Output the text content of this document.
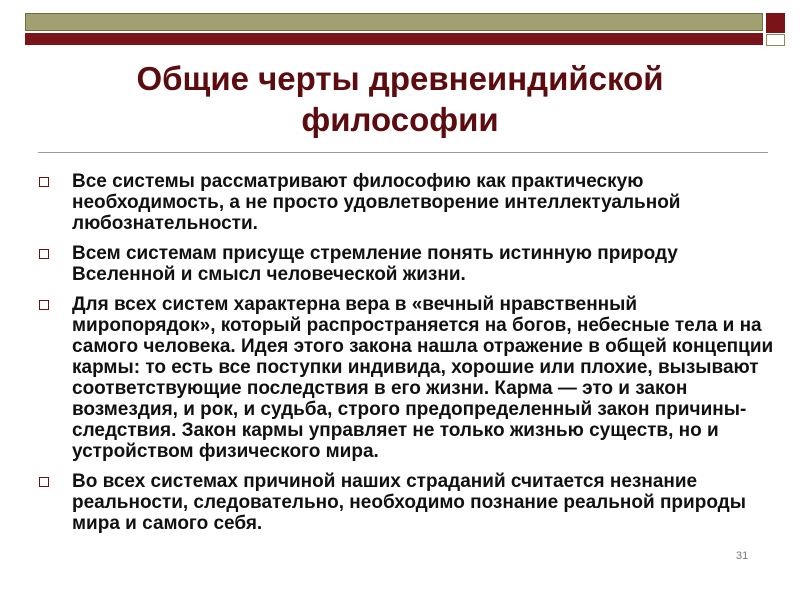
Общие черты древнеиндийской философии
Все системы рассматривают философию как практическую необходимость, а не просто удовлетворение интеллектуальной любознательности.
Всем системам присуще стремление понять истинную природу Вселенной и смысл человеческой жизни.
Для всех систем характерна вера в «вечный нравственный миропорядок», который распространяется на богов, небесные тела и на самого человека. Идея этого закона нашла отражение в общей концепции кармы: то есть все поступки индивида, хорошие или плохие, вызывают соответствующие последствия в его жизни. Карма — это и закон возмездия, и рок, и судьба, строго предопределенный закон причины-следствия. Закон кармы управляет не только жизнью существ, но и устройством физического мира.
Во всех системах причиной наших страданий считается незнание реальности, следовательно, необходимо познание реальной природы мира и самого себя.
31
